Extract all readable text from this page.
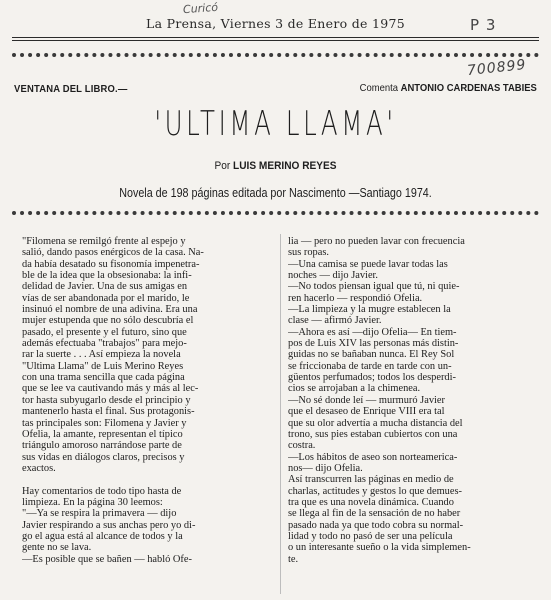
Curicó
La Prensa, Viernes 3 de Enero de 1975	P 3
700899
VENTANA DEL LIBRO.—	Comenta ANTONIO CARDENAS TABIES
'ULTIMA LLAMA'
Por LUIS MERINO REYES
Novela de 198 páginas editada por Nascimento —Santiago 1974.

"Filomena se remilgó frente al espejo y

salió, dando pasos enérgicos de la casa. Na-

da había desatado su fisonomía impenetra-

ble de la idea que la obsesionaba: la infi-

delidad de Javier. Una de sus amigas en

vías de ser abandonada por el marido, le

insinuó el nombre de una adivina. Era una

mujer estupenda que no sólo descubría el

pasado, el presente y el futuro, sino que

además efectuaba "trabajos" para mejo-

rar la suerte . . . Así empieza la novela

"Ultima Llama" de Luis Merino Reyes

con una trama sencilla que cada página

que se lee va cautivando más y más al lec-

tor hasta subyugarlo desde el principio y

mantenerlo hasta el final. Sus protagonis-

tas principales son: Filomena y Javier y

Ofelia, la amante, representan el típico

triángulo amoroso narrándose parte de

sus vidas en diálogos claros, precisos y

exactos.

Hay comentarios de todo tipo hasta de

limpieza. En la página 30 leemos:

"—Ya se respira la primavera — dijo

Javier respirando a sus anchas pero yo di-

go el agua está al alcance de todos y la

gente no se lava.

—Es posible que se bañen — habló Ofe-

lia — pero no pueden lavar con frecuencia

sus ropas.

—Una camisa se puede lavar todas las

noches — dijo Javier.

—No todos piensan igual que tú, ni quie-

ren hacerlo — respondió Ofelia.

—La limpieza y la mugre establecen la

clase — afirmó Javier.

—Ahora es así —dijo Ofelia— En tiem-

pos de Luis XIV las personas más distin-

guidas no se bañaban nunca. El Rey Sol

se friccionaba de tarde en tarde con un-

güentos perfumados; todos los desperdi-

cios se arrojaban a la chimenea.

—No sé donde leí — murmuró Javier

que el desaseo de Enrique VIII era tal

que su olor advertía a mucha distancia del

trono, sus pies estaban cubiertos con una

costra.

—Los hábitos de aseo son norteamerica-

nos— dijo Ofelia.

Así transcurren las páginas en medio de

charlas, actitudes y gestos lo que demues-

tra que es una novela dinámica. Cuando

se llega al fin de la sensación de no haber

pasado nada ya que todo cobra su normal-

lidad y todo no pasó de ser una película

o un interesante sueño o la vida simplemen-

te.
